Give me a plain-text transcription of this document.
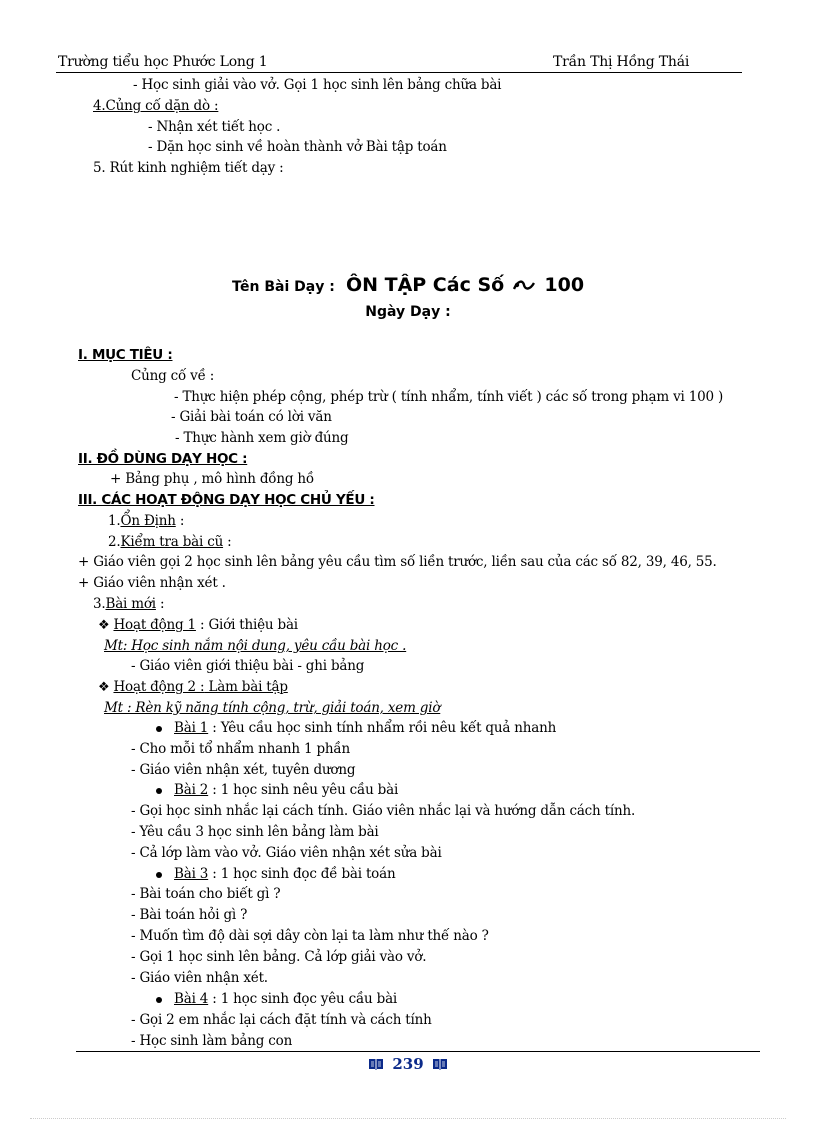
Trường tiểu học Phước Long 1	Trần Thị Hồng Thái
- Học sinh giải vào vở. Gọi 1 học sinh lên bảng chữa bài
4.Củng cố dặn dò :
- Nhận xét tiết học .
- Dặn học sinh về hoàn thành vở Bài tập toán
5. Rút kinh nghiệm tiết dạy :
Tên Bài Dạy : ÔN TẬP Các Số 100
Ngày Dạy :
I. MỤC TIÊU :
Củng cố về :
- Thực hiện phép cộng, phép trừ ( tính nhẩm, tính viết ) các số trong phạm vi 100 )
- Giải bài toán có lời văn
- Thực hành xem giờ đúng
II. ĐỒ DÙNG DẠY HỌC :
+ Bảng phụ , mô hình đồng hồ
III. CÁC HOẠT ĐỘNG DẠY HỌC CHỦ YẾU :
1.Ổn Định :
2.Kiểm tra bài cũ :
+ Giáo viên gọi 2 học sinh lên bảng yêu cầu tìm số liền trước, liền sau của các số 82, 39, 46, 55.
+ Giáo viên nhận xét .
3.Bài mới :
❖ Hoạt động 1 : Giới thiệu bài
Mt: Học sinh nắm nội dung, yêu cầu bài học .
- Giáo viên giới thiệu bài - ghi bảng
❖ Hoạt động 2 : Làm bài tập
Mt : Rèn kỹ năng tính cộng, trừ, giải toán, xem giờ
Bài 1 : Yêu cầu học sinh tính nhẩm rồi nêu kết quả nhanh
- Cho mỗi tổ nhẩm nhanh 1 phần
- Giáo viên nhận xét, tuyên dương
Bài 2 : 1 học sinh nêu yêu cầu bài
- Gọi học sinh nhắc lại cách tính. Giáo viên nhắc lại và hướng dẫn cách tính.
- Yêu cầu 3 học sinh lên bảng làm bài
- Cả lớp làm vào vở. Giáo viên nhận xét sửa bài
Bài 3 : 1 học sinh đọc đề bài toán
- Bài toán cho biết gì ?
- Bài toán hỏi gì ?
- Muốn tìm độ dài sợi dây còn lại ta làm như thế nào ?
- Gọi 1 học sinh lên bảng. Cả lớp giải vào vở.
- Giáo viên nhận xét.
Bài 4 : 1 học sinh đọc yêu cầu bài
- Gọi 2 em nhắc lại cách đặt tính và cách tính
- Học sinh làm bảng con
239
